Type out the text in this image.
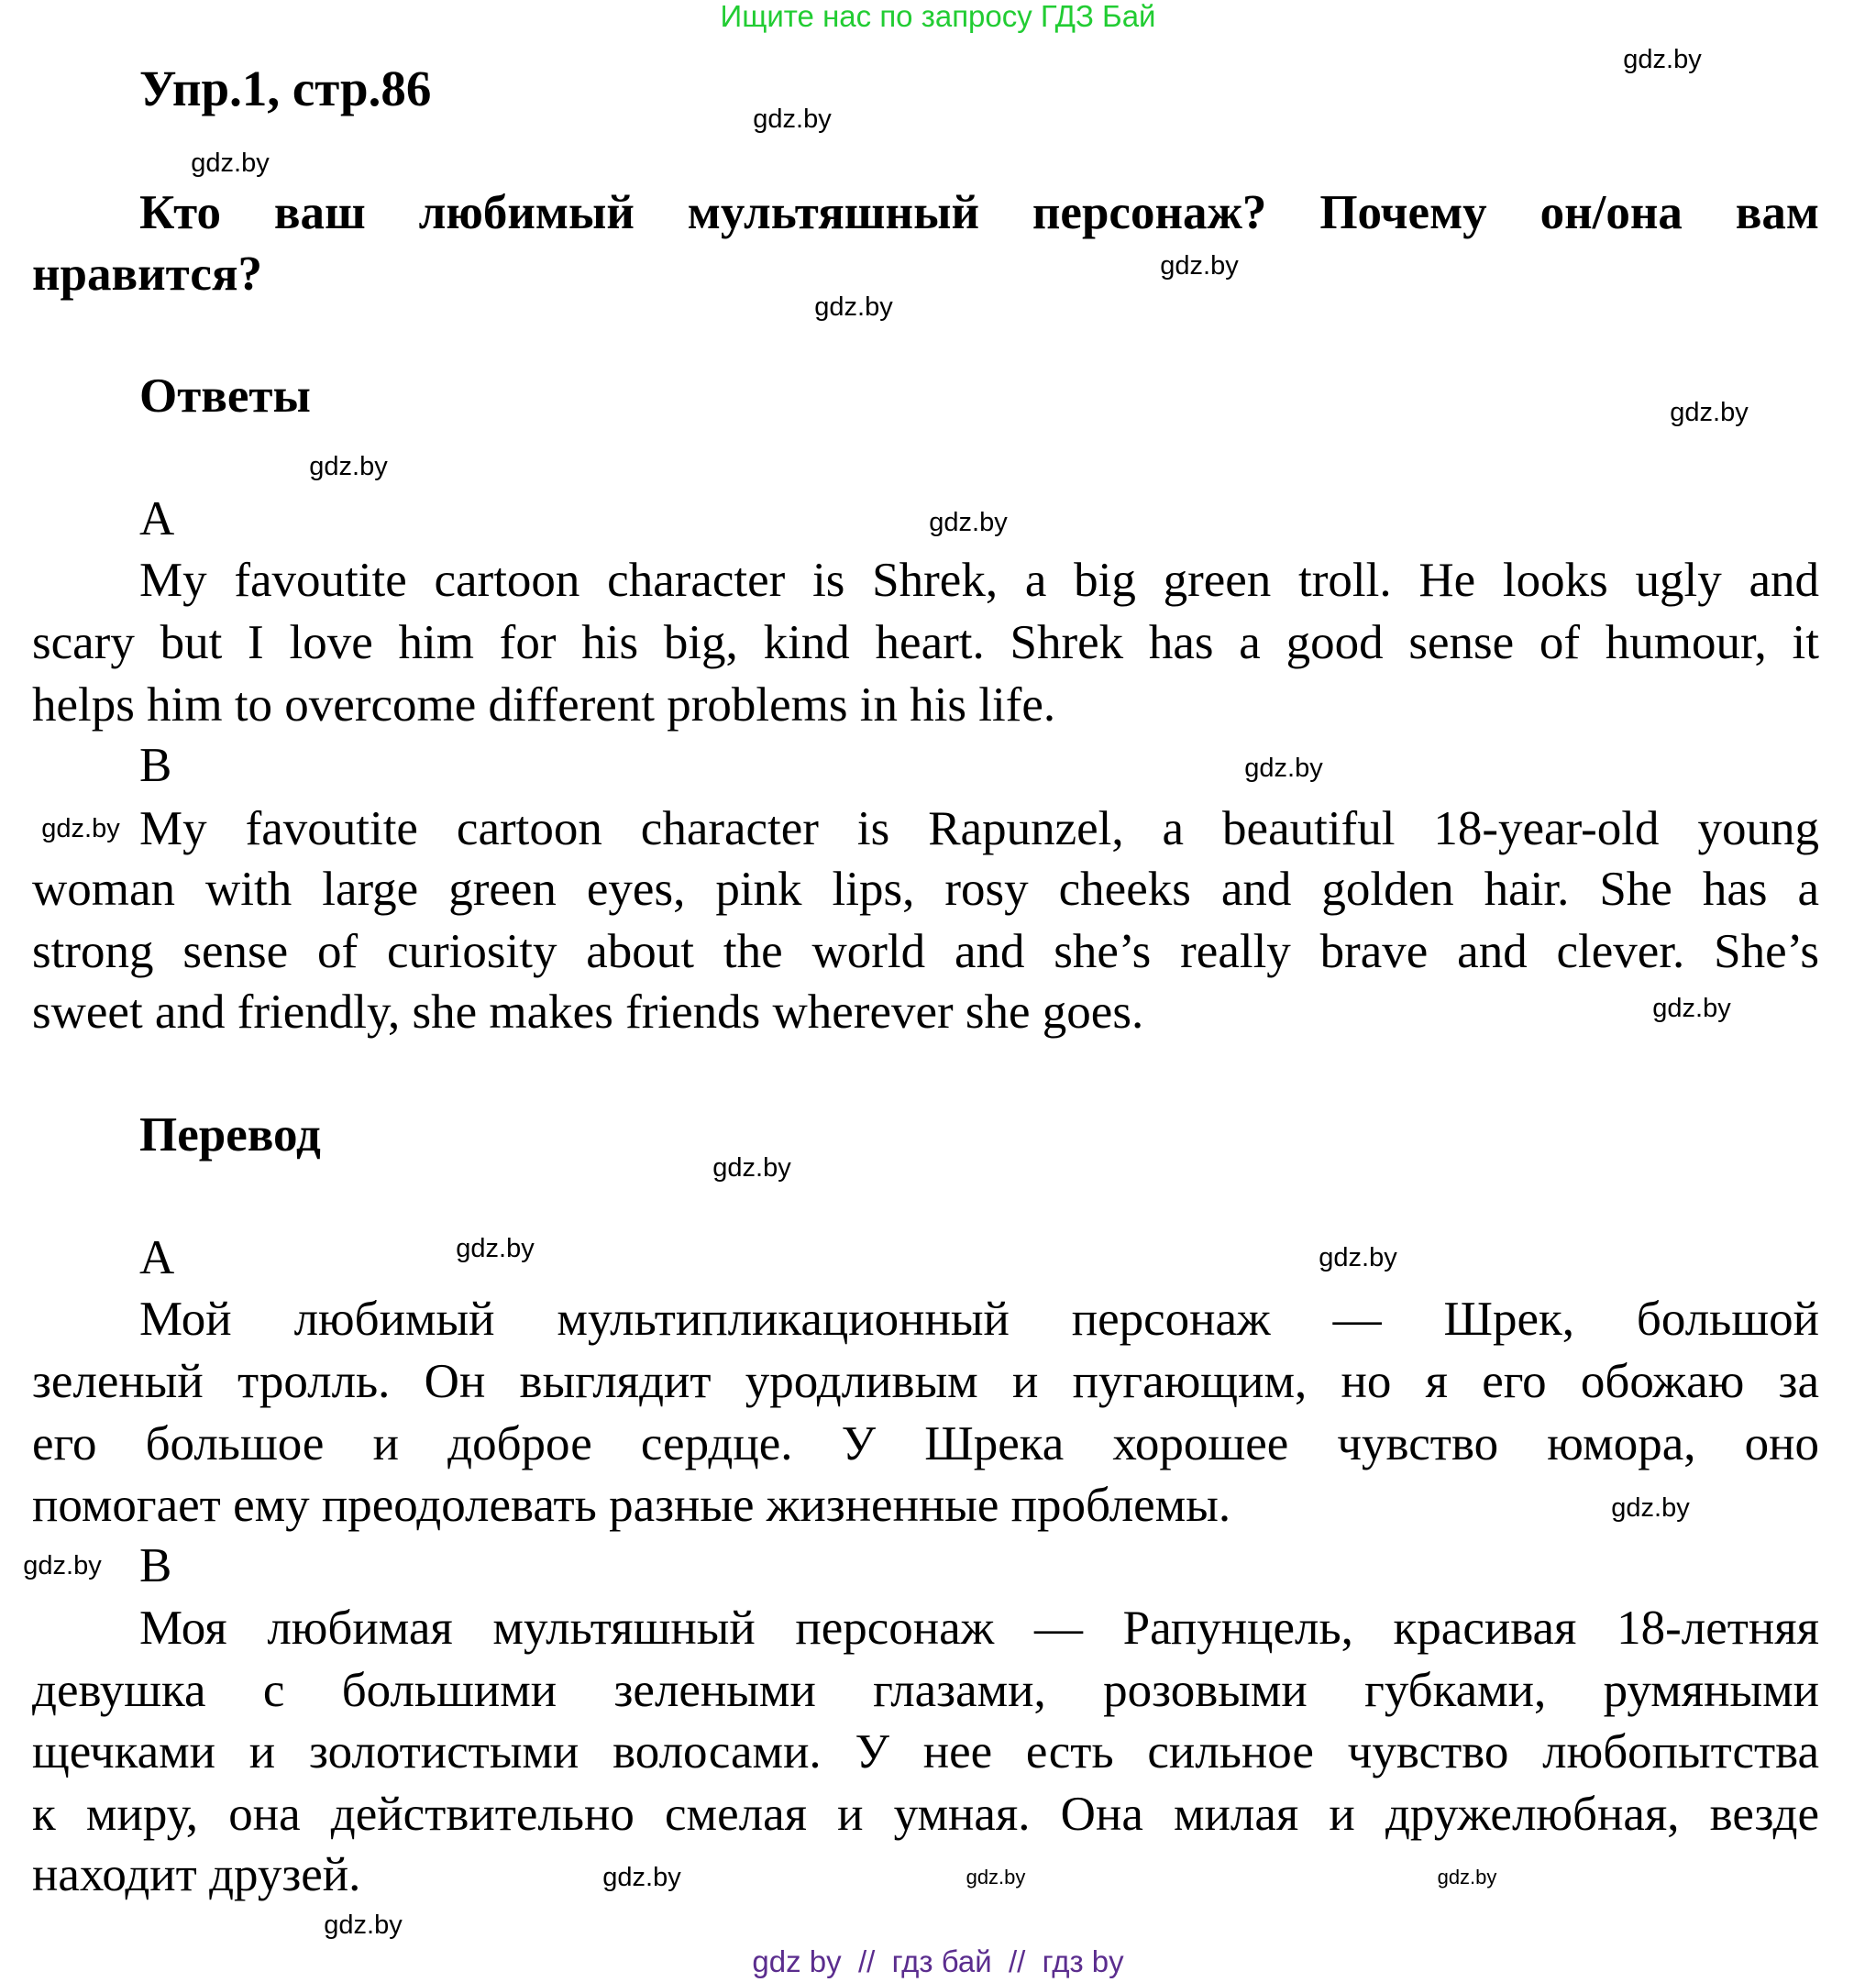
Ищите нас по запросу ГДЗ Бай
Упр.1, стр.86
Кто ваш любимый мультяшный персонаж? Почему он/она вам
нравится?
Ответы
A
My favoutite cartoon character is Shrek, a big green troll. He looks ugly and
scary but I love him for his big, kind heart. Shrek has a good sense of humour, it
helps him to overcome different problems in his life.
B
My favoutite cartoon character is Rapunzel, a beautiful 18-year-old young
woman with large green eyes, pink lips, rosy cheeks and golden hair. She has a
strong sense of curiosity about the world and she’s really brave and clever. She’s
sweet and friendly, she makes friends wherever she goes.
Перевод
A
Мой любимый мультипликационный персонаж — Шрек, большой
зеленый тролль. Он выглядит уродливым и пугающим, но я его обожаю за
его большое и доброе сердце. У Шрека хорошее чувство юмора, оно
помогает ему преодолевать разные жизненные проблемы.
B
Моя любимая мультяшный персонаж — Рапунцель, красивая 18-летняя
девушка с большими зелеными глазами, розовыми губками, румяными
щечками и золотистыми волосами. У нее есть сильное чувство любопытства
к миру, она действительно смелая и умная. Она милая и дружелюбная, везде
находит друзей.
gdz.by
gdz.by
gdz.by
gdz.by
gdz.by
gdz.by
gdz.by
gdz.by
gdz.by
gdz.by
gdz.by
gdz.by
gdz.by	gdz.by
gdz.by
gdz.by
gdz.by	gdz.by
gdz.by
gdz.by
gdz by  //  гдз бай  //  гдз by
